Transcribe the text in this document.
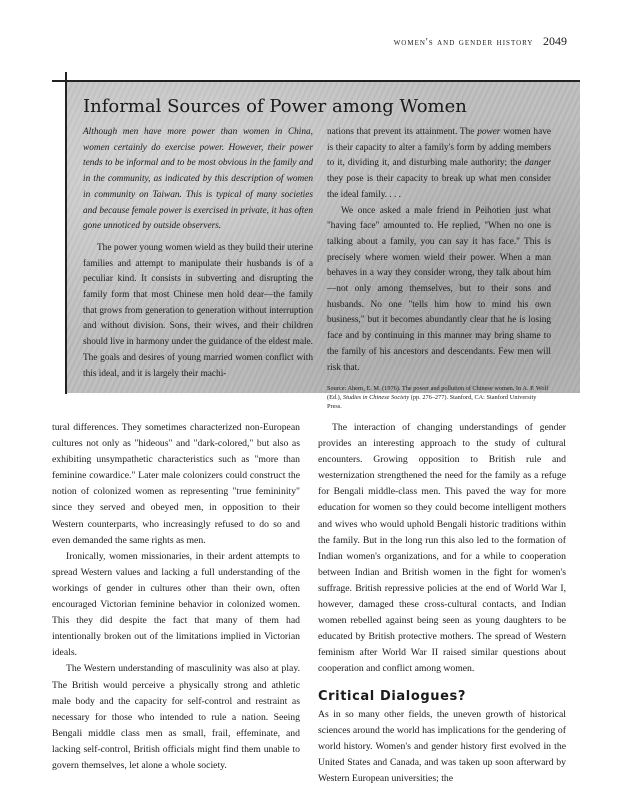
women's and gender history 2049
Informal Sources of Power among Women

Although men have more power than women in China, women certainly do exercise power. However, their power tends to be informal and to be most obvious in the family and in the community, as indicated by this description of women in community on Taiwan. This is typical of many societies and because female power is exercised in private, it has often gone unnoticed by outside observers.

The power young women wield as they build their uterine families and attempt to manipulate their husbands is of a peculiar kind. It consists in subverting and disrupting the family form that most Chinese men hold dear—the family that grows from generation to generation without interruption and without division. Sons, their wives, and their children should live in harmony under the guidance of the eldest male. The goals and desires of young married women conflict with this ideal, and it is largely their machi-

nations that prevent its attainment. The power women have is their capacity to alter a family's form by adding members to it, dividing it, and disturbing male authority; the danger they pose is their capacity to break up what men consider the ideal family. . . .

We once asked a male friend in Peihotien just what "having face" amounted to. He replied, "When no one is talking about a family, you can say it has face." This is precisely where women wield their power. When a man behaves in a way they consider wrong, they talk about him—not only among themselves, but to their sons and husbands. No one "tells him how to mind his own business," but it becomes abundantly clear that he is losing face and by continuing in this manner may bring shame to the family of his ancestors and descendants. Few men will risk that.

Source: Ahern, E. M. (1976). The power and pollution of Chinese women. In A. P. Wolf (Ed.), Studies in Chinese Society (pp. 276–277). Stanford, CA: Stanford University Press.

tural differences. They sometimes characterized non-European cultures not only as "hideous" and "dark-colored," but also as exhibiting unsympathetic characteristics such as "more than feminine cowardice." Later male colonizers could construct the notion of colonized women as representing "true femininity" since they served and obeyed men, in opposition to their Western counterparts, who increasingly refused to do so and even demanded the same rights as men.

Ironically, women missionaries, in their ardent attempts to spread Western values and lacking a full understanding of the workings of gender in cultures other than their own, often encouraged Victorian feminine behavior in colonized women. This they did despite the fact that many of them had intentionally broken out of the limitations implied in Victorian ideals.

The Western understanding of masculinity was also at play. The British would perceive a physically strong and athletic male body and the capacity for self-control and restraint as necessary for those who intended to rule a nation. Seeing Bengali middle class men as small, frail, effeminate, and lacking self-control, British officials might find them unable to govern themselves, let alone a whole society.

The interaction of changing understandings of gender provides an interesting approach to the study of cultural encounters. Growing opposition to British rule and westernization strengthened the need for the family as a refuge for Bengali middle-class men. This paved the way for more education for women so they could become intelligent mothers and wives who would uphold Bengali historic traditions within the family. But in the long run this also led to the formation of Indian women's organizations, and for a while to cooperation between Indian and British women in the fight for women's suffrage. British repressive policies at the end of World War I, however, damaged these cross-cultural contacts, and Indian women rebelled against being seen as young daughters to be educated by British protective mothers. The spread of Western feminism after World War II raised similar questions about cooperation and conflict among women.

Critical Dialogues?

As in so many other fields, the uneven growth of historical sciences around the world has implications for the gendering of world history. Women's and gender history first evolved in the United States and Canada, and was taken up soon afterward by Western European universities; the
